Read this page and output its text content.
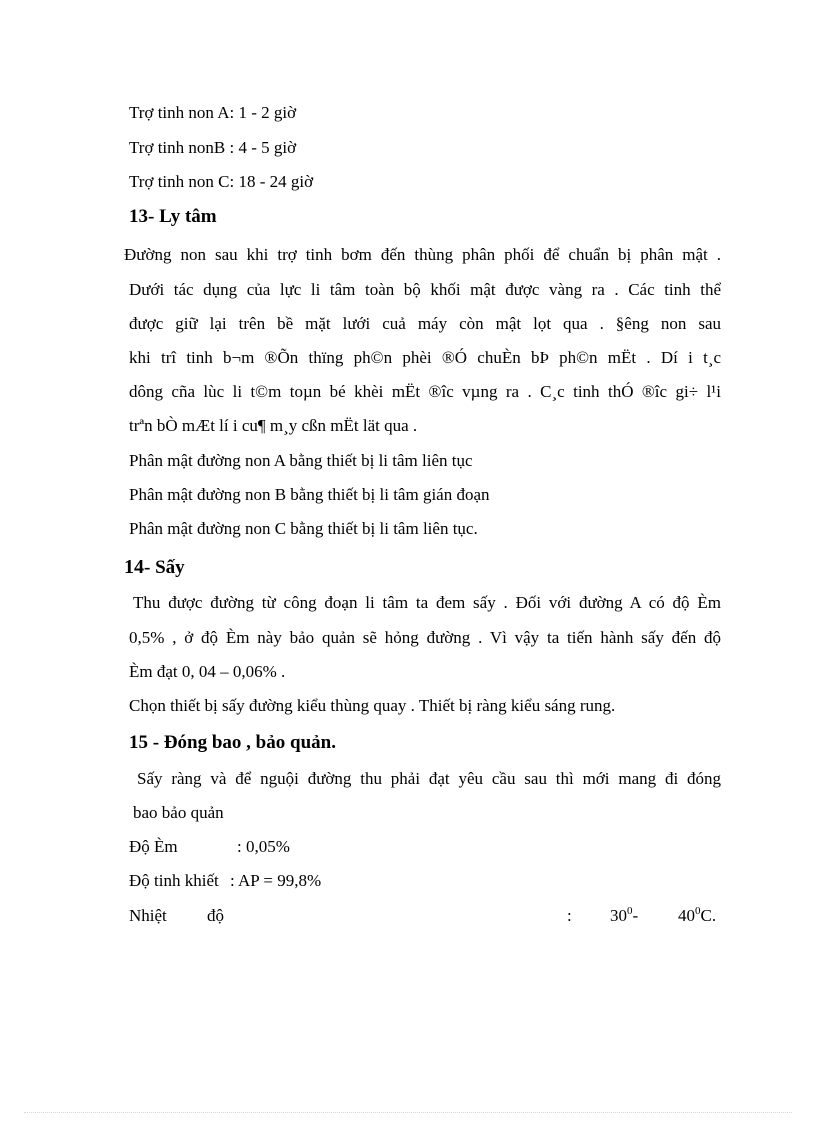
Trợ tinh non A: 1 - 2 giờ
Trợ tinh nonB : 4 - 5 giờ
Trợ tinh non C: 18 - 24 giờ
13- Ly tâm
Đường non sau khi trợ tinh bơm đến thùng phân phối để chuẩn bị phân mật .
Dưới tác dụng của lực li tâm toàn bộ khối mật được vàng ra . Các tinh thể
được giữ lại trên bề mặt lưới cuả máy còn mật lọt qua . §êng non sau
khi trî tinh b¬m ®Õn thïng ph©n phèi ®Ó chuÈn bÞ ph©n mËt . Dí i t¸c
dông cña lùc li t©m toµn bé khèi mËt ®îc vµng ra . C¸c tinh thÓ ®îc gi÷ l¹i
trªn bÒ mÆt lí i cu¶ m¸y cßn mËt lät qua .
Phân mật đường non A bằng thiết bị li tâm liên tục
Phân mật đường non B bằng thiết bị li tâm gián đoạn
Phân mật đường non C bằng thiết bị li tâm liên tục.
14- Sấy
Thu được đường từ công đoạn li tâm ta đem sấy . Đối với đường A có độ Èm
0,5% , ở độ Èm này bảo quản sẽ hỏng đường . Vì vậy ta tiến hành sấy đến độ
Èm đạt 0, 04 – 0,06% .
Chọn thiết bị sấy đường kiểu thùng quay . Thiết bị ràng kiểu sáng rung.
15 - Đóng bao , bảo quản.
Sấy ràng và để nguội đường thu phải đạt yêu cầu sau thì mới mang đi đóng
bao bảo quản
Độ Èm	: 0,05%
Độ tinh khiết : AP = 99,8%
Nhiệt độ	: $30^0-$ $40^0C$.
